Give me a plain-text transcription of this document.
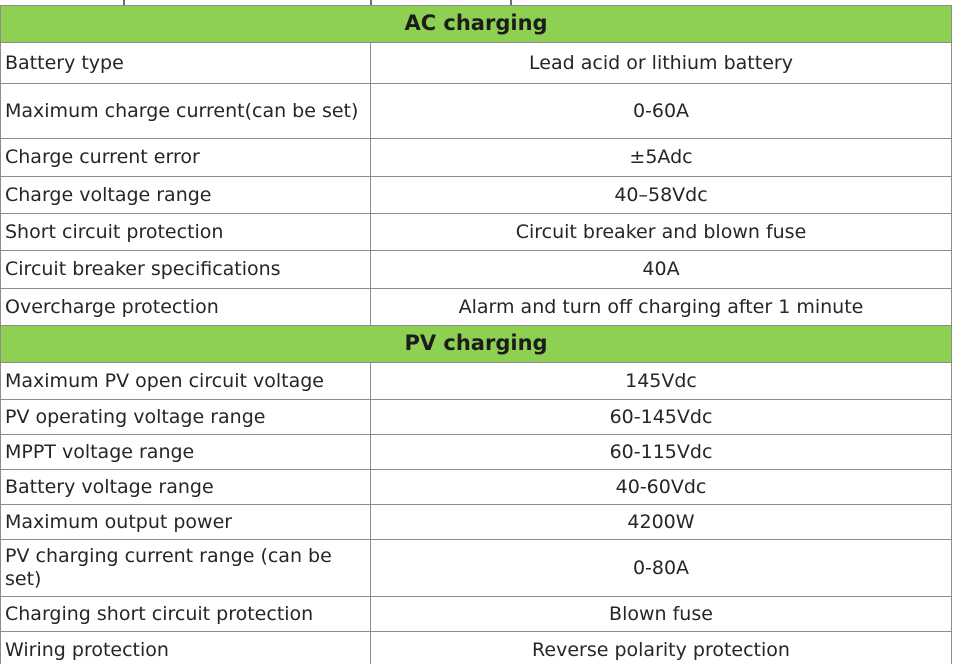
AC charging	
Battery type	Lead acid or lithium battery
Maximum charge current(can be set)	0-60A
Charge current error	±5Adc
Charge voltage range	40–58Vdc
Short circuit protection	Circuit breaker and blown fuse
Circuit breaker specifications	40A
Overcharge protection	Alarm and turn off charging after 1 minute
PV charging	
Maximum PV open circuit voltage	145Vdc
PV operating voltage range	60-145Vdc
MPPT voltage range	60-115Vdc
Battery voltage range	40-60Vdc
Maximum output power	4200W
PV charging current range (can be set)	0-80A
Charging short circuit protection	Blown fuse
Wiring protection	Reverse polarity protection
